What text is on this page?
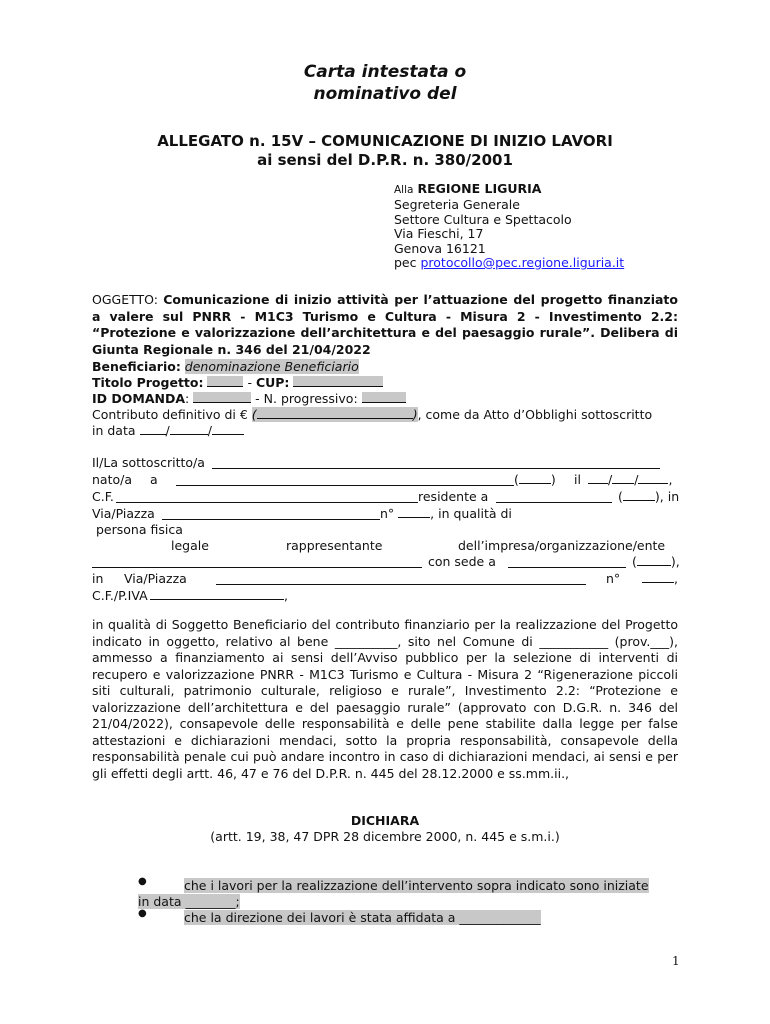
Carta intestata o
nominativo del
ALLEGATO n. 15V – COMUNICAZIONE DI INIZIO LAVORI
ai sensi del D.P.R. n. 380/2001
Alla REGIONE LIGURIA
Segreteria Generale
Settore Cultura e Spettacolo
Via Fieschi, 17
Genova 16121
pec protocollo@pec.regione.liguria.it
OGGETTO: Comunicazione di inizio attività per l’attuazione del progetto finanziato a valere sul PNRR - M1C3 Turismo e Cultura - Misura 2 - Investimento 2.2: “Protezione e valorizzazione dell’architettura e del paesaggio rurale”. Delibera di Giunta Regionale n. 346 del 21/04/2022
Beneficiario: denominazione Beneficiario
Titolo Progetto:	- CUP:
ID DOMANDA:	- N. progressivo:
Contributo definitivo di € (	), come da Atto d’Obblighi sottoscritto
in data /	/
Il/La sottoscritto/a
nato/a a	(	) il	/ / ,
C.F.	residente a	(	), in
Via/Piazza	n°	, in qualità di
persona fisica
legale	rappresentante	dell’impresa/organizzazione/ente
con sede a	(	),
in Via/Piazza	n°	,
C.F./P.IVA	,
in qualità di Soggetto Beneficiario del contributo finanziario per la realizzazione del Progetto indicato in oggetto, relativo al bene __________, sito nel Comune di ___________ (prov.___), ammesso a finanziamento ai sensi dell’Avviso pubblico per la selezione di interventi di recupero e valorizzazione PNRR - M1C3 Turismo e Cultura - Misura 2 “Rigenerazione piccoli siti culturali, patrimonio culturale, religioso e rurale”, Investimento 2.2: “Protezione e valorizzazione dell’architettura e del paesaggio rurale” (approvato con D.G.R. n. 346 del 21/04/2022), consapevole delle responsabilità e delle pene stabilite dalla legge per false attestazioni e dichiarazioni mendaci, sotto la propria responsabilità, consapevole della responsabilità penale cui può andare incontro in caso di dichiarazioni mendaci, ai sensi e per gli effetti degli artt. 46, 47 e 76 del D.P.R. n. 445 del 28.12.2000 e ss.mm.ii.,
DICHIARA
(artt. 19, 38, 47 DPR 28 dicembre 2000, n. 445 e s.m.i.)
●	che i lavori per la realizzazione dell’intervento sopra indicato sono iniziate
in data ________;
●	che la direzione dei lavori è stata affidata a _____________
1
